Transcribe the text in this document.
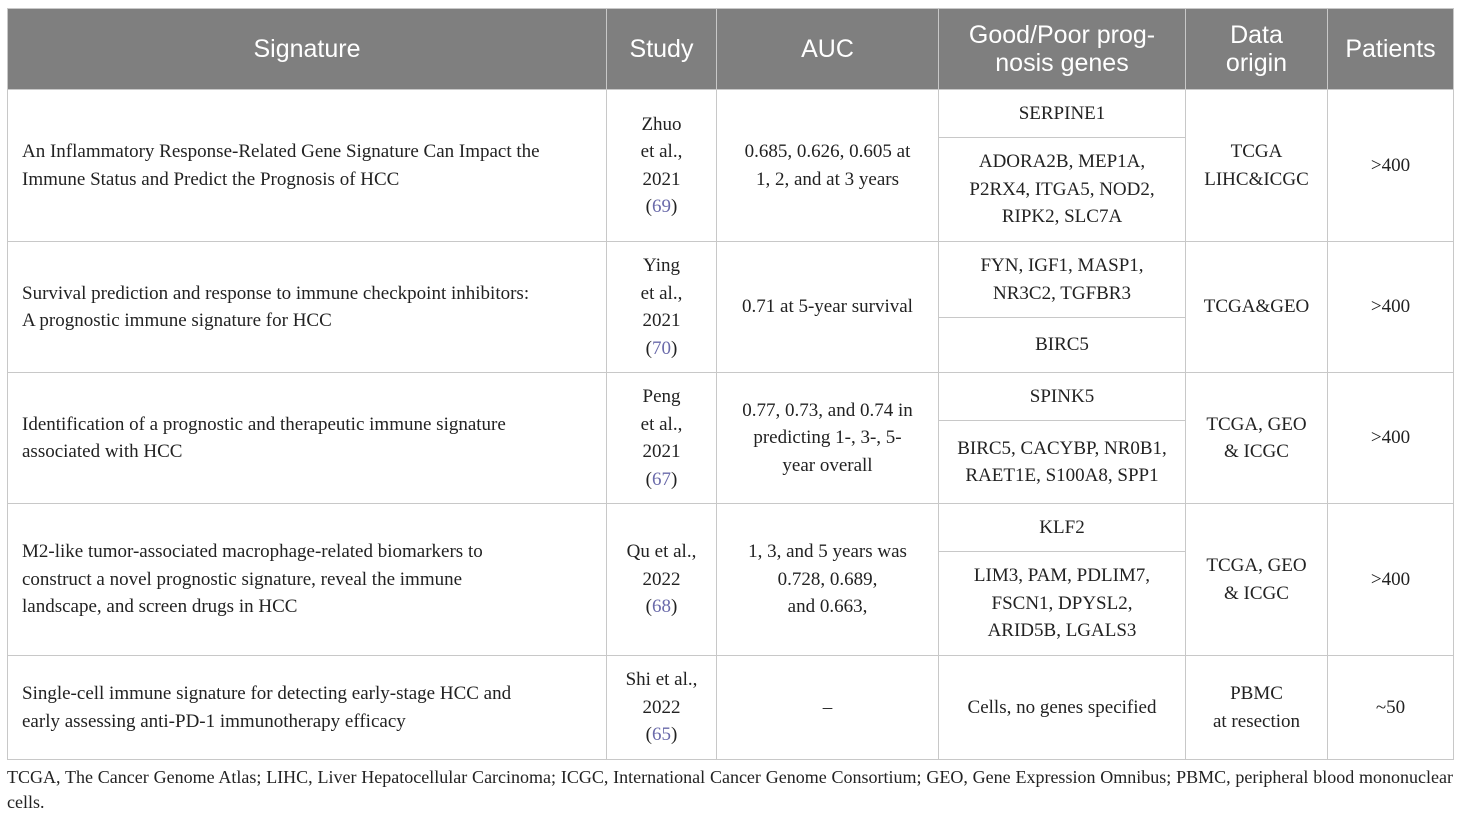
Signature	Study	AUC	Good/Poor prog-
nosis genes	Data
origin	Patients

An Inflammatory Response-Related Gene Signature Can Impact the
Immune Status and Predict the Prognosis of HCC	Zhuo
et al.,
2021
(69)	0.685, 0.626, 0.605 at
1, 2, and at 3 years	SERPINE1	TCGA
LIHC&ICGC	>400

			ADORA2B, MEP1A,
P2RX4, ITGA5, NOD2,
RIPK2, SLC7A		

Survival prediction and response to immune checkpoint inhibitors:
A prognostic immune signature for HCC	Ying
et al.,
2021
(70)	0.71 at 5-year survival	FYN, IGF1, MASP1,
NR3C2, TGFBR3	TCGA&GEO	>400

			BIRC5		

Identification of a prognostic and therapeutic immune signature
associated with HCC	Peng
et al.,
2021
(67)	0.77, 0.73, and 0.74 in
predicting 1-, 3-, 5-
year overall	SPINK5	TCGA, GEO
& ICGC	>400

			BIRC5, CACYBP, NR0B1,
RAET1E, S100A8, SPP1		

M2-like tumor-associated macrophage-related biomarkers to
construct a novel prognostic signature, reveal the immune
landscape, and screen drugs in HCC	Qu et al.,
2022
(68)	1, 3, and 5 years was
0.728, 0.689,
and 0.663,	KLF2	TCGA, GEO
& ICGC	>400

			LIM3, PAM, PDLIM7,
FSCN1, DPYSL2,
ARID5B, LGALS3		

Single-cell immune signature for detecting early-stage HCC and
early assessing anti-PD-1 immunotherapy efficacy	Shi et al.,
2022
(65)	–	Cells, no genes specified	PBMC
at resection	~50
TCGA, The Cancer Genome Atlas; LIHC, Liver Hepatocellular Carcinoma; ICGC, International Cancer Genome Consortium; GEO, Gene Expression Omnibus; PBMC, peripheral blood mononuclear cells.
